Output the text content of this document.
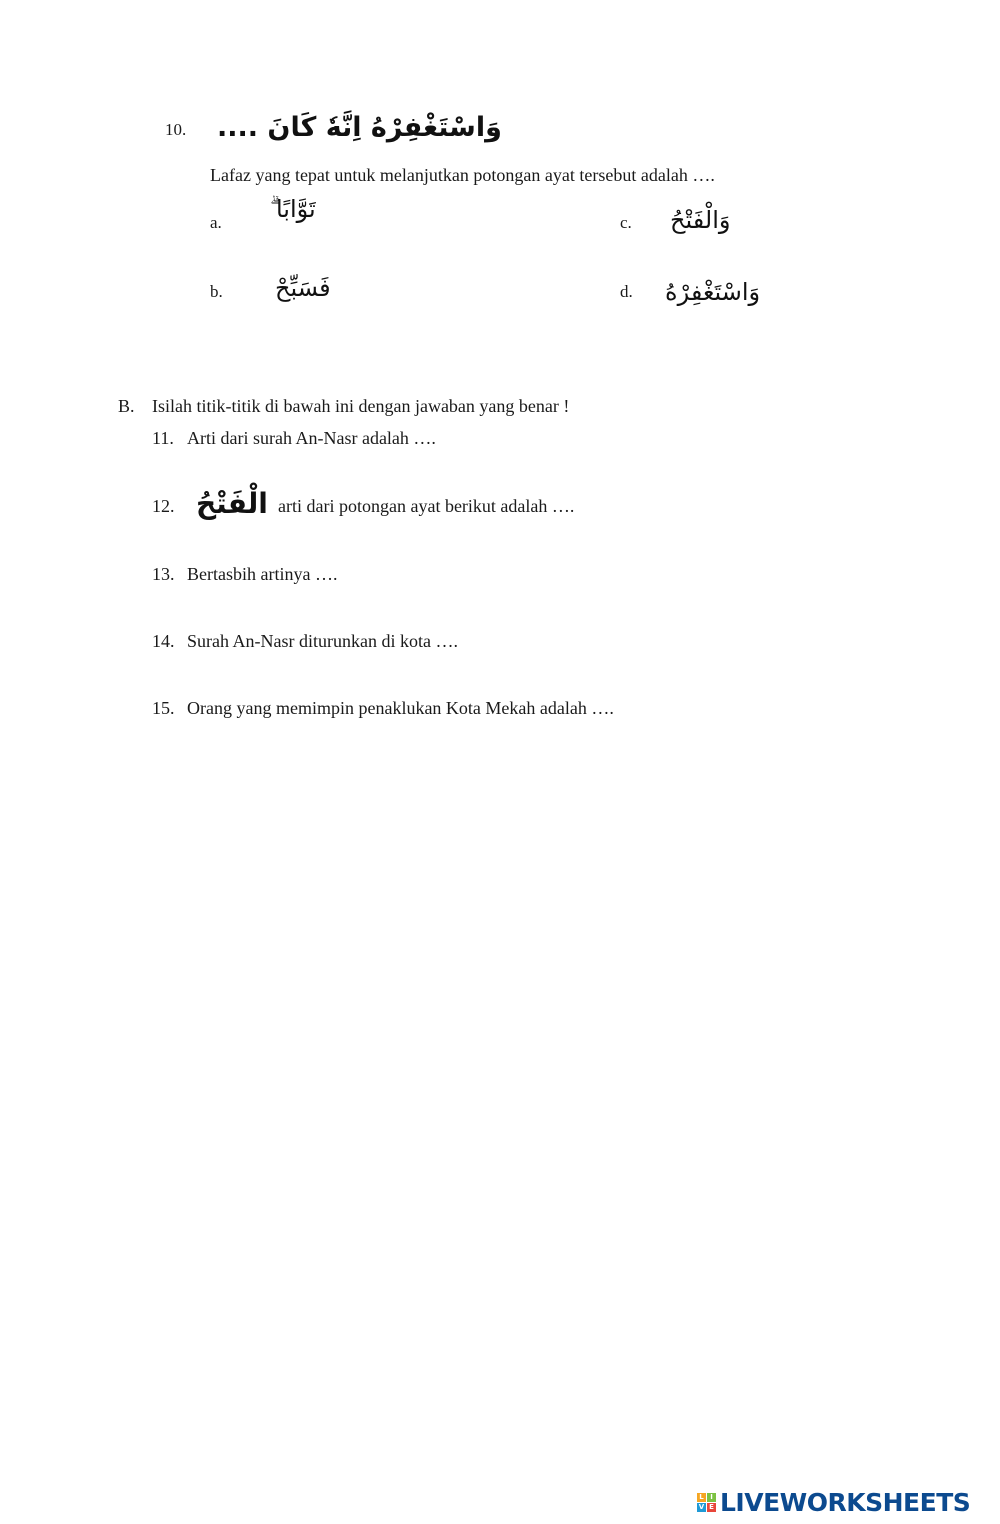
10. وَاسْتَغْفِرْهُ اِنَّهٗ كَانَ ....
Lafaz yang tepat untuk melanjutkan potongan ayat tersebut adalah ….
a. تَوَّابًا ۗ
b. فَسَبِّحْ
c. وَالْفَتْحُ
d. وَاسْتَغْفِرْهُ
B. Isilah titik-titik di bawah ini dengan jawaban yang benar !
11. Arti dari surah An-Nasr adalah ….
12. الْفَتْحُ arti dari potongan ayat berikut adalah ….
13. Bertasbih artinya ….
14. Surah An-Nasr diturunkan di kota ….
15. Orang yang memimpin penaklukan Kota Mekah adalah ….
L I
V E LIVEWORKSHEETS
